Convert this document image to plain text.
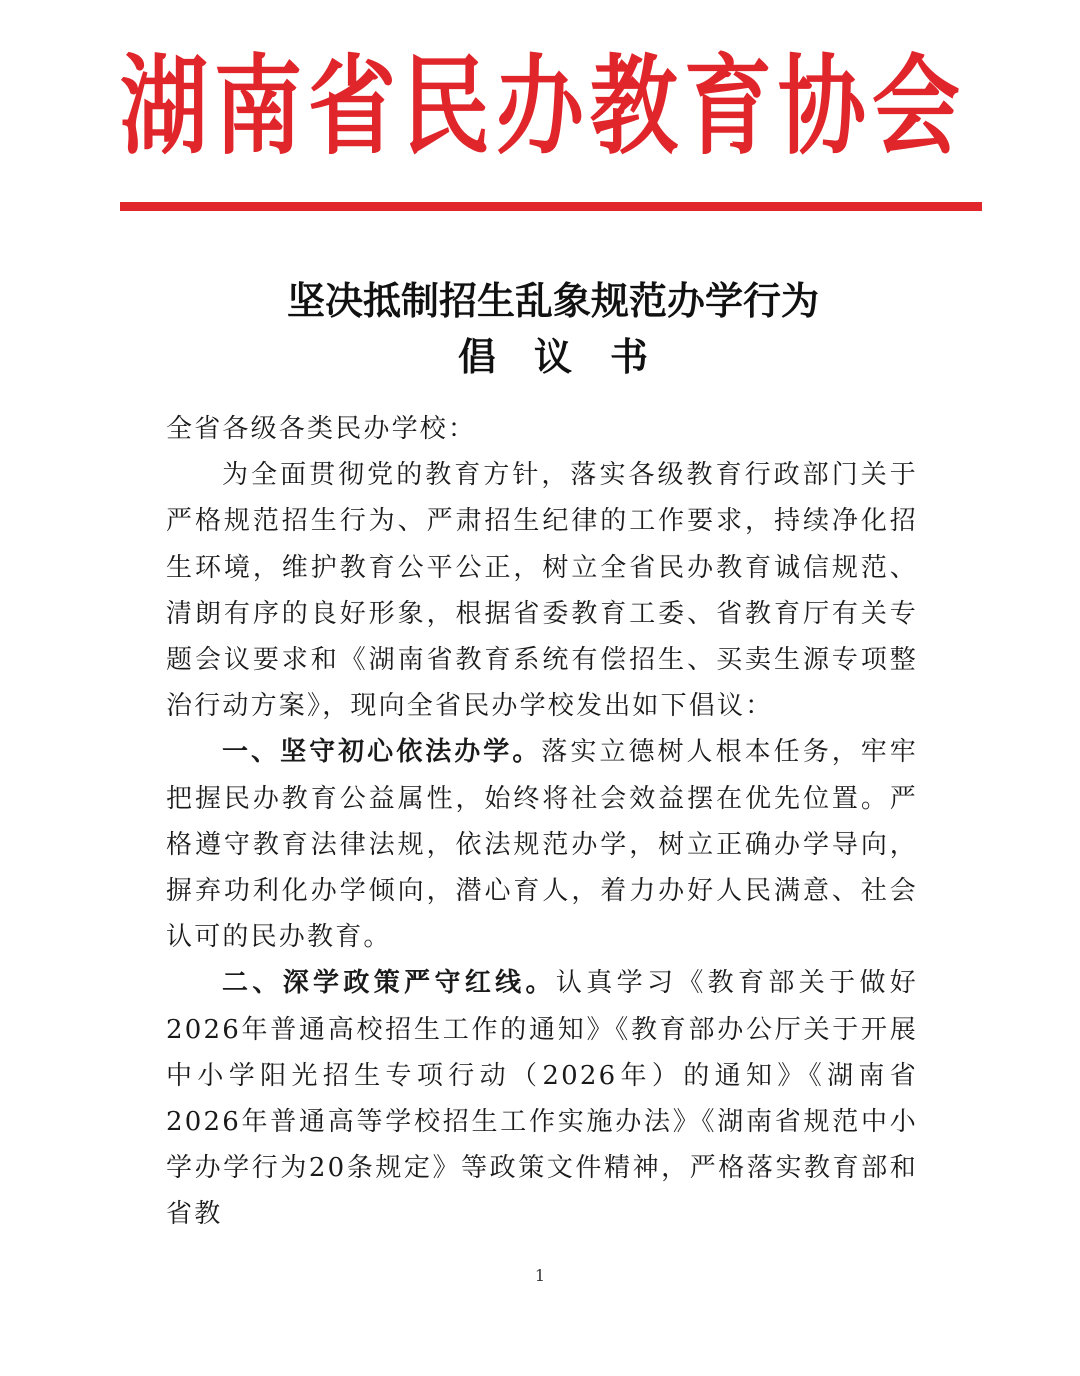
湖 南 省 民 办 教 育 协 会
坚决抵制招生乱象规范办学行为
倡　议　书

全省各级各类民办学校：

为全面贯彻党的教育方针，落实各级教育行政部门关于严格规范招生行为、严肃招生纪律的工作要求，持续净化招生环境，维护教育公平公正，树立全省民办教育诚信规范、清朗有序的良好形象，根据省委教育工委、省教育厅有关专题会议要求和《湖南省教育系统有偿招生、买卖生源专项整治行动方案》，现向全省民办学校发出如下倡议：

一、坚守初心依法办学。落实立德树人根本任务，牢牢把握民办教育公益属性，始终将社会效益摆在优先位置。严格遵守教育法律法规，依法规范办学，树立正确办学导向，摒弃功利化办学倾向，潜心育人，着力办好人民满意、社会认可的民办教育。

二、深学政策严守红线。认真学习《教育部关于做好2026年普通高校招生工作的通知》《教育部办公厅关于开展中小学阳光招生专项行动（2026年）的通知》《湖南省2026年普通高等学校招生工作实施办法》《湖南省规范中小学办学行为20条规定》等政策文件精神，严格落实教育部和省教

1
